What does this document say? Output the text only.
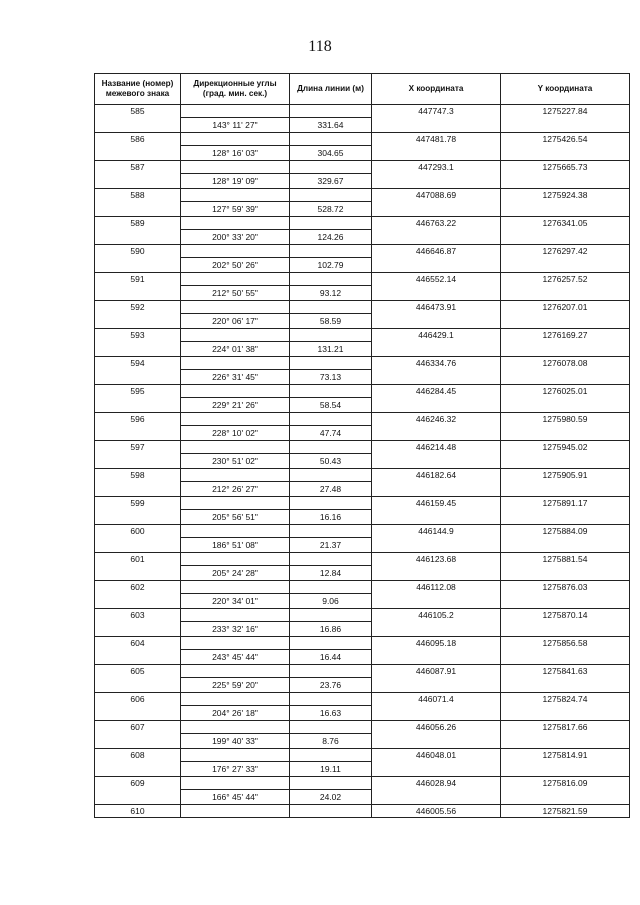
118
Название (номер) межевого знака	Дирекционные углы (град. мин. сек.)	Длина линии (м)	X координата	Y координата
585			447747.3	1275227.84
	143° 11' 27"	331.64		
586			447481.78	1275426.54
	128° 16' 03"	304.65		
587			447293.1	1275665.73
	128° 19' 09"	329.67		
588			447088.69	1275924.38
	127° 59' 39"	528.72		
589			446763.22	1276341.05
	200° 33' 20"	124.26		
590			446646.87	1276297.42
	202° 50' 26"	102.79		
591			446552.14	1276257.52
	212° 50' 55"	93.12		
592			446473.91	1276207.01
	220° 06' 17"	58.59		
593			446429.1	1276169.27
	224° 01' 38"	131.21		
594			446334.76	1276078.08
	226° 31' 45"	73.13		
595			446284.45	1276025.01
	229° 21' 26"	58.54		
596			446246.32	1275980.59
	228° 10' 02"	47.74		
597			446214.48	1275945.02
	230° 51' 02"	50.43		
598			446182.64	1275905.91
	212° 26' 27"	27.48		
599			446159.45	1275891.17
	205° 56' 51"	16.16		
600			446144.9	1275884.09
	186° 51' 08"	21.37		
601			446123.68	1275881.54
	205° 24' 28"	12.84		
602			446112.08	1275876.03
	220° 34' 01"	9.06		
603			446105.2	1275870.14
	233° 32' 16"	16.86		
604			446095.18	1275856.58
	243° 45' 44"	16.44		
605			446087.91	1275841.63
	225° 59' 20"	23.76		
606			446071.4	1275824.74
	204° 26' 18"	16.63		
607			446056.26	1275817.66
	199° 40' 33"	8.76		
608			446048.01	1275814.91
	176° 27' 33"	19.11		
609			446028.94	1275816.09
	166° 45' 44"	24.02		
610			446005.56	1275821.59
